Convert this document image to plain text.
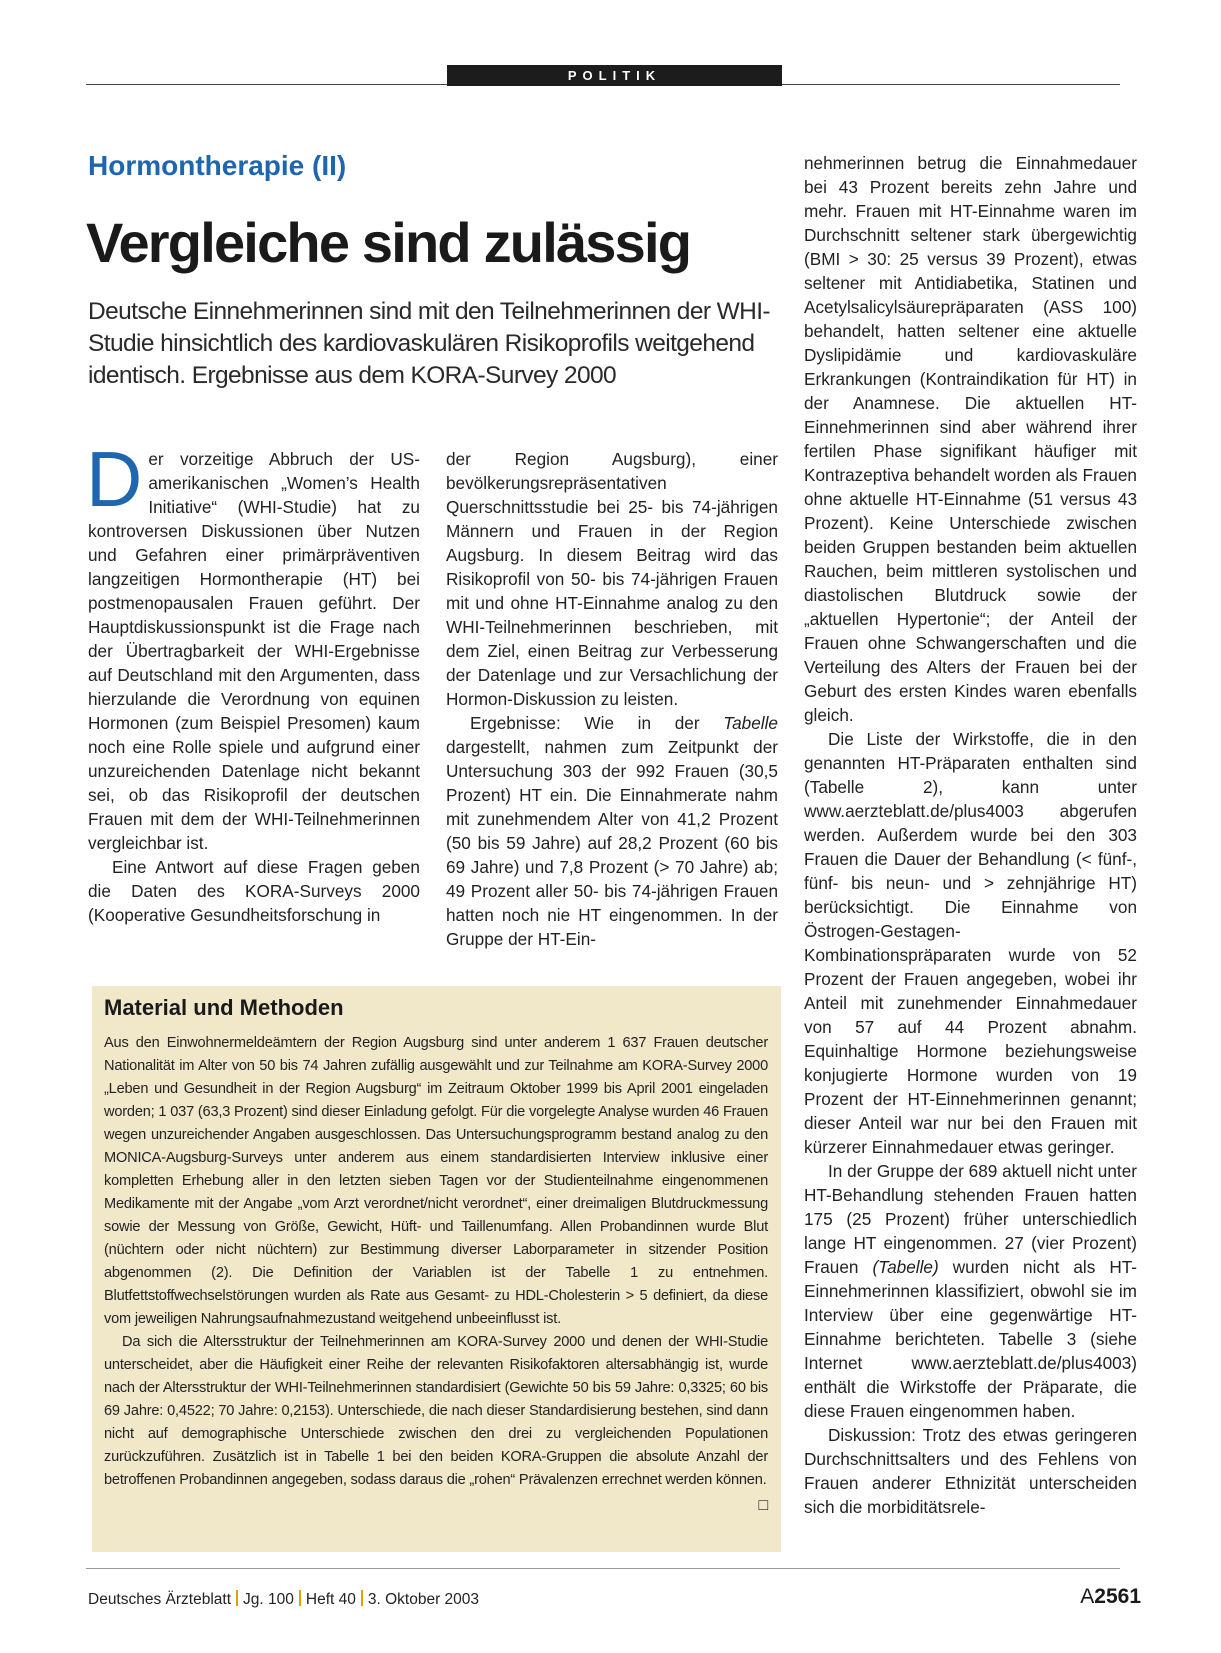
POLITIK
Hormontherapie (II)
Vergleiche sind zulässig
Deutsche Einnehmerinnen sind mit den Teilnehmerinnen der WHI-Studie hinsichtlich des kardiovaskulären Risikoprofils weitgehend identisch. Ergebnisse aus dem KORA-Survey 2000

Der vorzeitige Abbruch der US-amerikanischen „Women’s Health Initiative“ (WHI-Studie) hat zu kontroversen Diskussionen über Nutzen und Gefahren einer primärpräventiven langzeitigen Hormontherapie (HT) bei postmenopausalen Frauen geführt. Der Hauptdiskussionspunkt ist die Frage nach der Übertragbarkeit der WHI-Ergebnisse auf Deutschland mit den Argumenten, dass hierzulande die Verordnung von equinen Hormonen (zum Beispiel Presomen) kaum noch eine Rolle spiele und aufgrund einer unzureichenden Datenlage nicht bekannt sei, ob das Risikoprofil der deutschen Frauen mit dem der WHI-Teilnehmerinnen vergleichbar ist.

Eine Antwort auf diese Fragen geben die Daten des KORA-Surveys 2000 (Kooperative Gesundheitsforschung in

der Region Augsburg), einer bevölkerungsrepräsentativen Querschnittsstudie bei 25- bis 74-jährigen Männern und Frauen in der Region Augsburg. In diesem Beitrag wird das Risikoprofil von 50- bis 74-jährigen Frauen mit und ohne HT-Einnahme analog zu den WHI-Teilnehmerinnen beschrieben, mit dem Ziel, einen Beitrag zur Verbesserung der Datenlage und zur Versachlichung der Hormon-Diskussion zu leisten.

Ergebnisse: Wie in der Tabelle dargestellt, nahmen zum Zeitpunkt der Untersuchung 303 der 992 Frauen (30,5 Prozent) HT ein. Die Einnahmerate nahm mit zunehmendem Alter von 41,2 Prozent (50 bis 59 Jahre) auf 28,2 Prozent (60 bis 69 Jahre) und 7,8 Prozent (> 70 Jahre) ab; 49 Prozent aller 50- bis 74-jährigen Frauen hatten noch nie HT eingenommen. In der Gruppe der HT-Ein-

nehmerinnen betrug die Einnahmedauer bei 43 Prozent bereits zehn Jahre und mehr. Frauen mit HT-Einnahme waren im Durchschnitt seltener stark übergewichtig (BMI > 30: 25 versus 39 Prozent), etwas seltener mit Antidiabetika, Statinen und Acetylsalicylsäurepräparaten (ASS 100) behandelt, hatten seltener eine aktuelle Dyslipidämie und kardiovaskuläre Erkrankungen (Kontraindikation für HT) in der Anamnese. Die aktuellen HT-Einnehmerinnen sind aber während ihrer fertilen Phase signifikant häufiger mit Kontrazeptiva behandelt worden als Frauen ohne aktuelle HT-Einnahme (51 versus 43 Prozent). Keine Unterschiede zwischen beiden Gruppen bestanden beim aktuellen Rauchen, beim mittleren systolischen und diastolischen Blutdruck sowie der „aktuellen Hypertonie“; der Anteil der Frauen ohne Schwangerschaften und die Verteilung des Alters der Frauen bei der Geburt des ersten Kindes waren ebenfalls gleich.

Die Liste der Wirkstoffe, die in den genannten HT-Präparaten enthalten sind (Tabelle 2), kann unter www.aerzteblatt.de/plus4003 abgerufen werden. Außerdem wurde bei den 303 Frauen die Dauer der Behandlung (< fünf-, fünf- bis neun- und > zehnjährige HT) berücksichtigt. Die Einnahme von Östrogen-Gestagen-Kombinationspräparaten wurde von 52 Prozent der Frauen angegeben, wobei ihr Anteil mit zunehmender Einnahmedauer von 57 auf 44 Prozent abnahm. Equinhaltige Hormone beziehungsweise konjugierte Hormone wurden von 19 Prozent der HT-Einnehmerinnen genannt; dieser Anteil war nur bei den Frauen mit kürzerer Einnahmedauer etwas geringer.

In der Gruppe der 689 aktuell nicht unter HT-Behandlung stehenden Frauen hatten 175 (25 Prozent) früher unterschiedlich lange HT eingenommen. 27 (vier Prozent) Frauen (Tabelle) wurden nicht als HT-Einnehmerinnen klassifiziert, obwohl sie im Interview über eine gegenwärtige HT-Einnahme berichteten. Tabelle 3 (siehe Internet www.aerzteblatt.de/plus4003) enthält die Wirkstoffe der Präparate, die diese Frauen eingenommen haben.

Diskussion: Trotz des etwas geringeren Durchschnittsalters und des Fehlens von Frauen anderer Ethnizität unterscheiden sich die morbiditätsrele-

Material und Methoden

Aus den Einwohnermeldeämtern der Region Augsburg sind unter anderem 1 637 Frauen deutscher Nationalität im Alter von 50 bis 74 Jahren zufällig ausgewählt und zur Teilnahme am KORA-Survey 2000 „Leben und Gesundheit in der Region Augsburg“ im Zeitraum Oktober 1999 bis April 2001 eingeladen worden; 1 037 (63,3 Prozent) sind dieser Einladung gefolgt. Für die vorgelegte Analyse wurden 46 Frauen wegen unzureichender Angaben ausgeschlossen. Das Untersuchungsprogramm bestand analog zu den MONICA-Augsburg-Surveys unter anderem aus einem standardisierten Interview inklusive einer kompletten Erhebung aller in den letzten sieben Tagen vor der Studienteilnahme eingenommenen Medikamente mit der Angabe „vom Arzt verordnet/nicht verordnet“, einer dreimaligen Blutdruckmessung sowie der Messung von Größe, Gewicht, Hüft- und Taillenumfang. Allen Probandinnen wurde Blut (nüchtern oder nicht nüchtern) zur Bestimmung diverser Laborparameter in sitzender Position abgenommen (2). Die Definition der Variablen ist der Tabelle 1 zu entnehmen. Blutfettstoffwechselstörungen wurden als Rate aus Gesamt- zu HDL-Cholesterin > 5 definiert, da diese vom jeweiligen Nahrungsaufnahmezustand weitgehend unbeeinflusst ist.

Da sich die Altersstruktur der Teilnehmerinnen am KORA-Survey 2000 und denen der WHI-Studie unterscheidet, aber die Häufigkeit einer Reihe der relevanten Risikofaktoren altersabhängig ist, wurde nach der Altersstruktur der WHI-Teilnehmerinnen standardisiert (Gewichte 50 bis 59 Jahre: 0,3325; 60 bis 69 Jahre: 0,4522; 70 Jahre: 0,2153). Unterschiede, die nach dieser Standardisierung bestehen, sind dann nicht auf demographische Unterschiede zwischen den drei zu vergleichenden Populationen zurückzuführen. Zusätzlich ist in Tabelle 1 bei den beiden KORA-Gruppen die absolute Anzahl der betroffenen Probandinnen angegeben, sodass daraus die „rohen“ Prävalenzen errechnet werden können.
□

Deutsches Ärzteblatt Jg. 100 Heft 40 3. Oktober 2003	A2561
